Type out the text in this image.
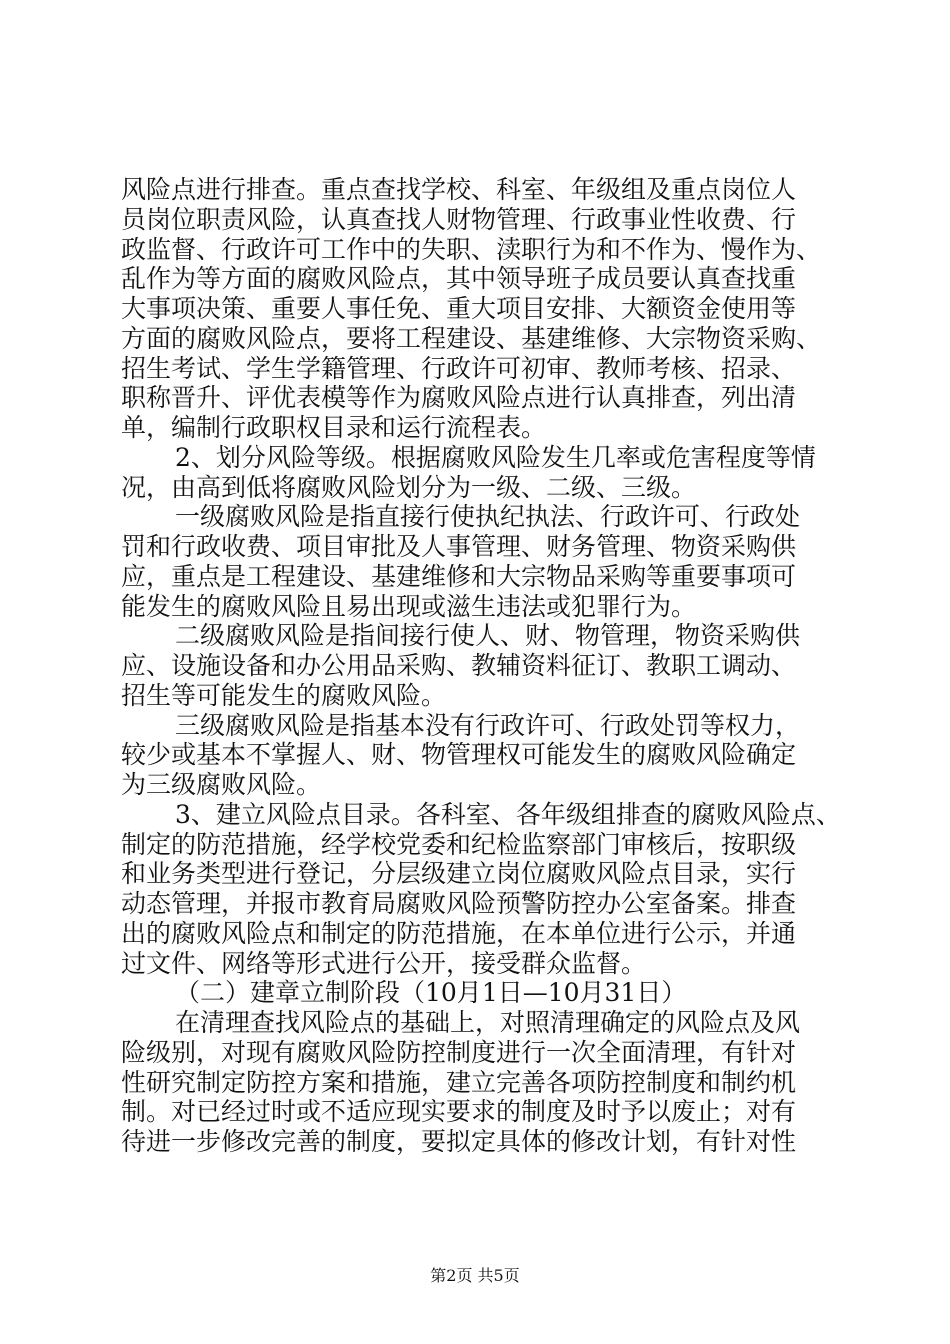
风险点进行排查。重点查找学校、科室、年级组及重点岗位人
员岗位职责风险，认真查找人财物管理、行政事业性收费、行
政监督、行政许可工作中的失职、渎职行为和不作为、慢作为、
乱作为等方面的腐败风险点，其中领导班子成员要认真查找重
大事项决策、重要人事任免、重大项目安排、大额资金使用等
方面的腐败风险点，要将工程建设、基建维修、大宗物资采购、
招生考试、学生学籍管理、行政许可初审、教师考核、招录、
职称晋升、评优表模等作为腐败风险点进行认真排查，列出清
单，编制行政职权目录和运行流程表。
2、划分风险等级。根据腐败风险发生几率或危害程度等情
况，由高到低将腐败风险划分为一级、二级、三级。
一级腐败风险是指直接行使执纪执法、行政许可、行政处
罚和行政收费、项目审批及人事管理、财务管理、物资采购供
应，重点是工程建设、基建维修和大宗物品采购等重要事项可
能发生的腐败风险且易出现或滋生违法或犯罪行为。
二级腐败风险是指间接行使人、财、物管理，物资采购供
应、设施设备和办公用品采购、教辅资料征订、教职工调动、
招生等可能发生的腐败风险。
三级腐败风险是指基本没有行政许可、行政处罚等权力，
较少或基本不掌握人、财、物管理权可能发生的腐败风险确定
为三级腐败风险。
3、建立风险点目录。各科室、各年级组排查的腐败风险点、
制定的防范措施，经学校党委和纪检监察部门审核后，按职级
和业务类型进行登记，分层级建立岗位腐败风险点目录，实行
动态管理，并报市教育局腐败风险预警防控办公室备案。排查
出的腐败风险点和制定的防范措施，在本单位进行公示，并通
过文件、网络等形式进行公开，接受群众监督。
（二）建章立制阶段（10月1日—10月31日）
在清理查找风险点的基础上，对照清理确定的风险点及风
险级别，对现有腐败风险防控制度进行一次全面清理，有针对
性研究制定防控方案和措施，建立完善各项防控制度和制约机
制。对已经过时或不适应现实要求的制度及时予以废止；对有
待进一步修改完善的制度，要拟定具体的修改计划，有针对性
第2页 共5页
